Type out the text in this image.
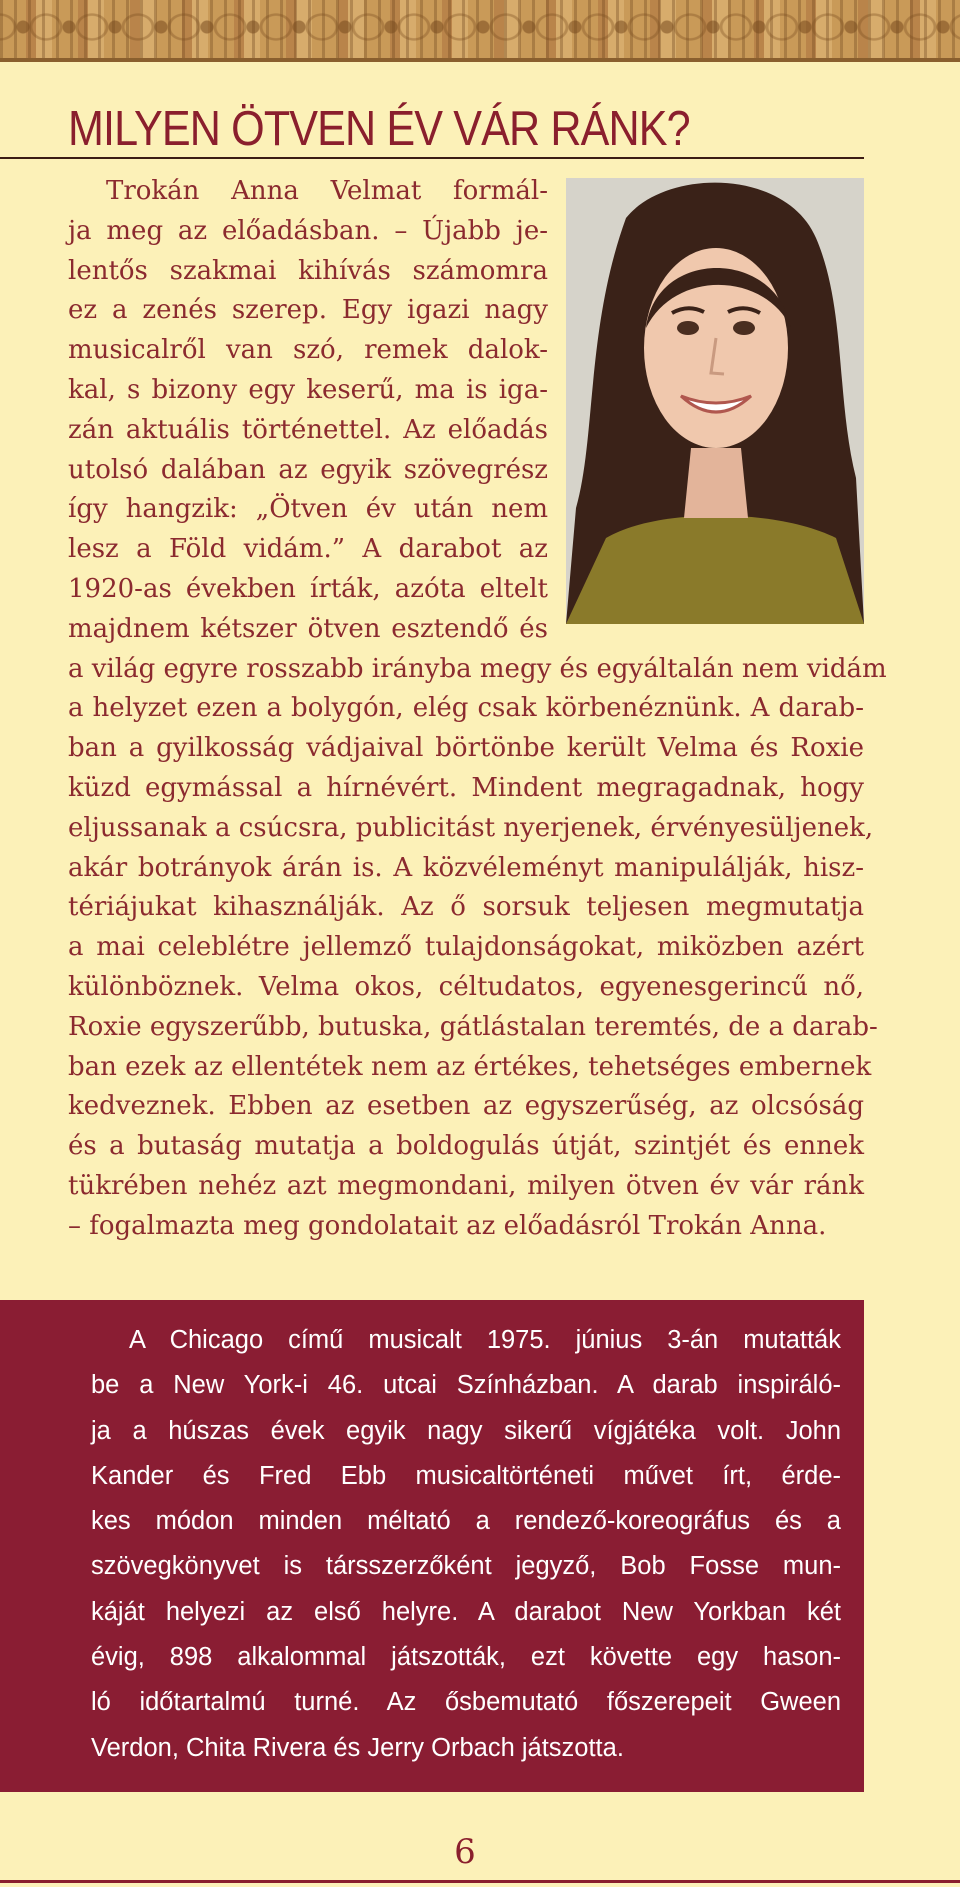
MILYEN ÖTVEN ÉV VÁR RÁNK?
Trokán Anna Velmat formál-
ja meg az előadásban. – Újabb je-
lentős szakmai kihívás számomra
ez a zenés szerep. Egy igazi nagy
musicalről van szó, remek dalok-
kal, s bizony egy keserű, ma is iga-
zán aktuális történettel. Az előadás
utolsó dalában az egyik szövegrész
így hangzik: „Ötven év után nem
lesz a Föld vidám.” A darabot az
1920-as években írták, azóta eltelt
majdnem kétszer ötven esztendő és
a világ egyre rosszabb irányba megy és egyáltalán nem vidám
a helyzet ezen a bolygón, elég csak körbenéznünk. A darab-
ban a gyilkosság vádjaival börtönbe került Velma és Roxie
küzd egymással a hírnévért. Mindent megragadnak, hogy
eljussanak a csúcsra, publicitást nyerjenek, érvényesüljenek,
akár botrányok árán is. A közvéleményt manipulálják, hisz-
tériájukat kihasználják. Az ő sorsuk teljesen megmutatja
a mai celeblétre jellemző tulajdonságokat, miközben azért
különböznek. Velma okos, céltudatos, egyenesgerincű nő,
Roxie egyszerűbb, butuska, gátlástalan teremtés, de a darab-
ban ezek az ellentétek nem az értékes, tehetséges embernek
kedveznek. Ebben az esetben az egyszerűség, az olcsóság
és a butaság mutatja a boldogulás útját, szintjét és ennek
tükrében nehéz azt megmondani, milyen ötven év vár ránk
– fogalmazta meg gondolatait az előadásról Trokán Anna.
A Chicago című musicalt 1975. június 3-án mutatták
be a New York-i 46. utcai Színházban. A darab inspiráló-
ja a húszas évek egyik nagy sikerű vígjátéka volt. John
Kander és Fred Ebb musicaltörténeti művet írt, érde-
kes módon minden méltató a rendező-koreográfus és a
szövegkönyvet is társszerzőként jegyző, Bob Fosse mun-
káját helyezi az első helyre. A darabot New Yorkban két
évig, 898 alkalommal játszották, ezt követte egy hason-
ló időtartalmú turné. Az ősbemutató főszerepeit Gween
Verdon, Chita Rivera és Jerry Orbach játszotta.
6
